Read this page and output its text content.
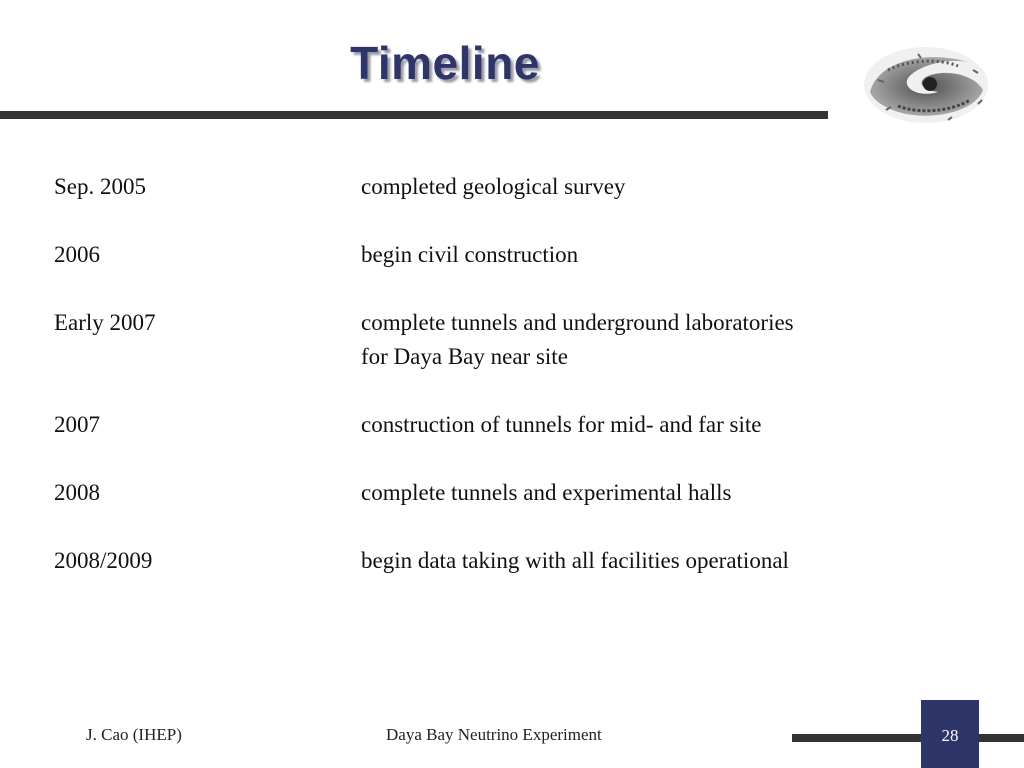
Timeline
Sep. 2005	completed geological survey
2006	begin civil construction
Early 2007	complete tunnels and underground laboratories
for Daya Bay near site
2007	construction of tunnels for mid- and far site
2008	complete tunnels and experimental halls
2008/2009	begin data taking with all facilities operational
J. Cao (IHEP)	Daya Bay Neutrino Experiment	28
